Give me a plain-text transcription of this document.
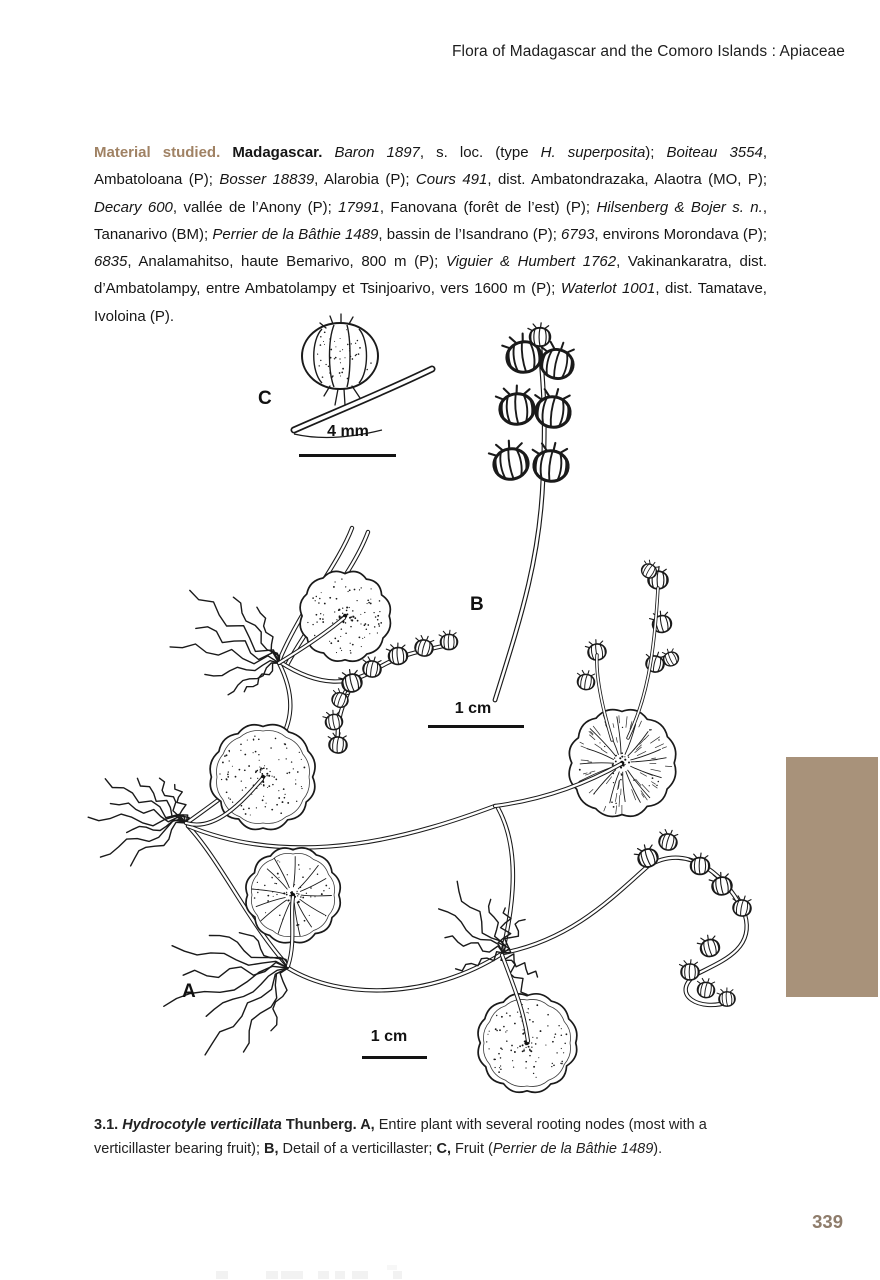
Flora of Madagascar and the Comoro Islands : Apiaceae
Material studied. Madagascar. Baron 1897, s. loc. (type H. superposita); Boiteau 3554, Ambatoloana (P); Bosser 18839, Alarobia (P); Cours 491, dist. Ambatondrazaka, Alaotra (MO, P); Decary 600, vallée de l’Anony (P); 17991, Fanovana (forêt de l’est) (P); Hilsenberg & Bojer s. n., Tananarivo (BM); Perrier de la Bâthie 1489, bassin de l’Isandrano (P); 6793, environs Morondava (P); 6835, Analamahitso, haute Bemarivo, 800 m (P); Viguier & Humbert 1762, Vakinankaratra, dist. d’Ambatolampy, entre Ambatolampy et Tsinjoarivo, vers 1600 m (P); Waterlot 1001, dist. Tamatave, Ivoloina (P).
C
B
A
4 mm
1 cm
1 cm
3.1. Hydrocotyle verticillata Thunberg. A, Entire plant with several rooting nodes (most with a verticillaster bearing fruit); B, Detail of a verticillaster; C, Fruit (Perrier de la Bâthie 1489).
339
